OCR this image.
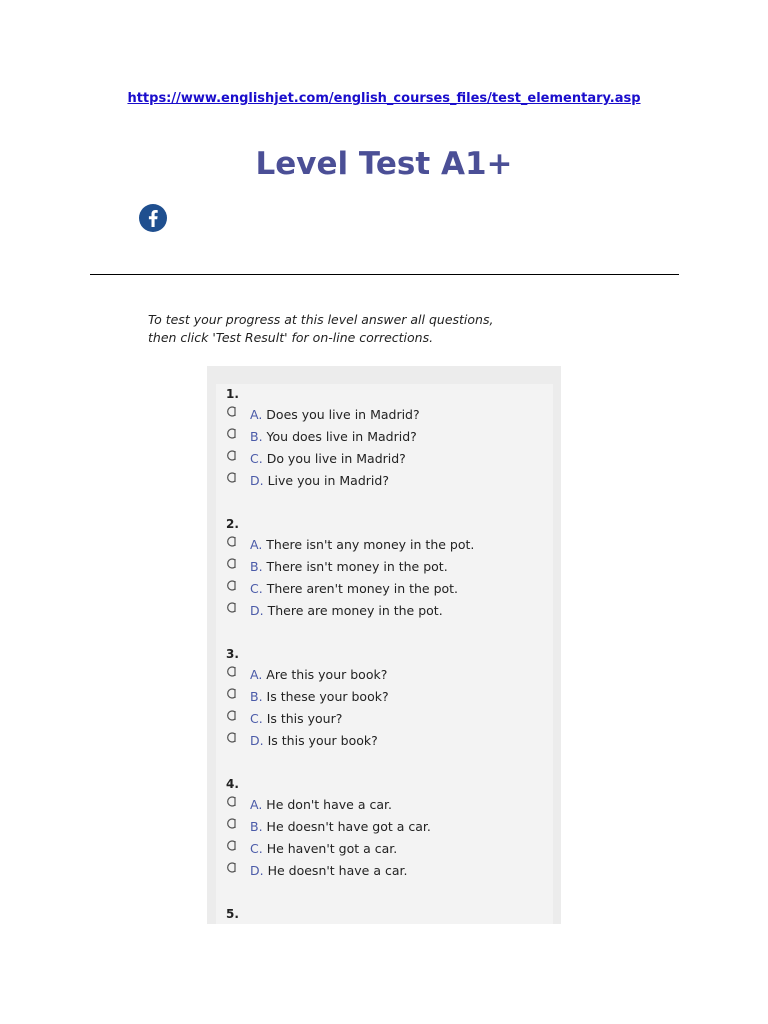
https://www.englishjet.com/english_courses_files/test_elementary.asp
Level Test A1+

To test your progress at this level answer all questions,

then click 'Test Result' for on-line corrections.

1.
A. Does you live in Madrid?
B. You does live in Madrid?
C. Do you live in Madrid?
D. Live you in Madrid?
2.
A. There isn't any money in the pot.
B. There isn't money in the pot.
C. There aren't money in the pot.
D. There are money in the pot.
3.
A. Are this your book?
B. Is these your book?
C. Is this your?
D. Is this your book?
4.
A. He don't have a car.
B. He doesn't have got a car.
C. He haven't got a car.
D. He doesn't have a car.
5.
